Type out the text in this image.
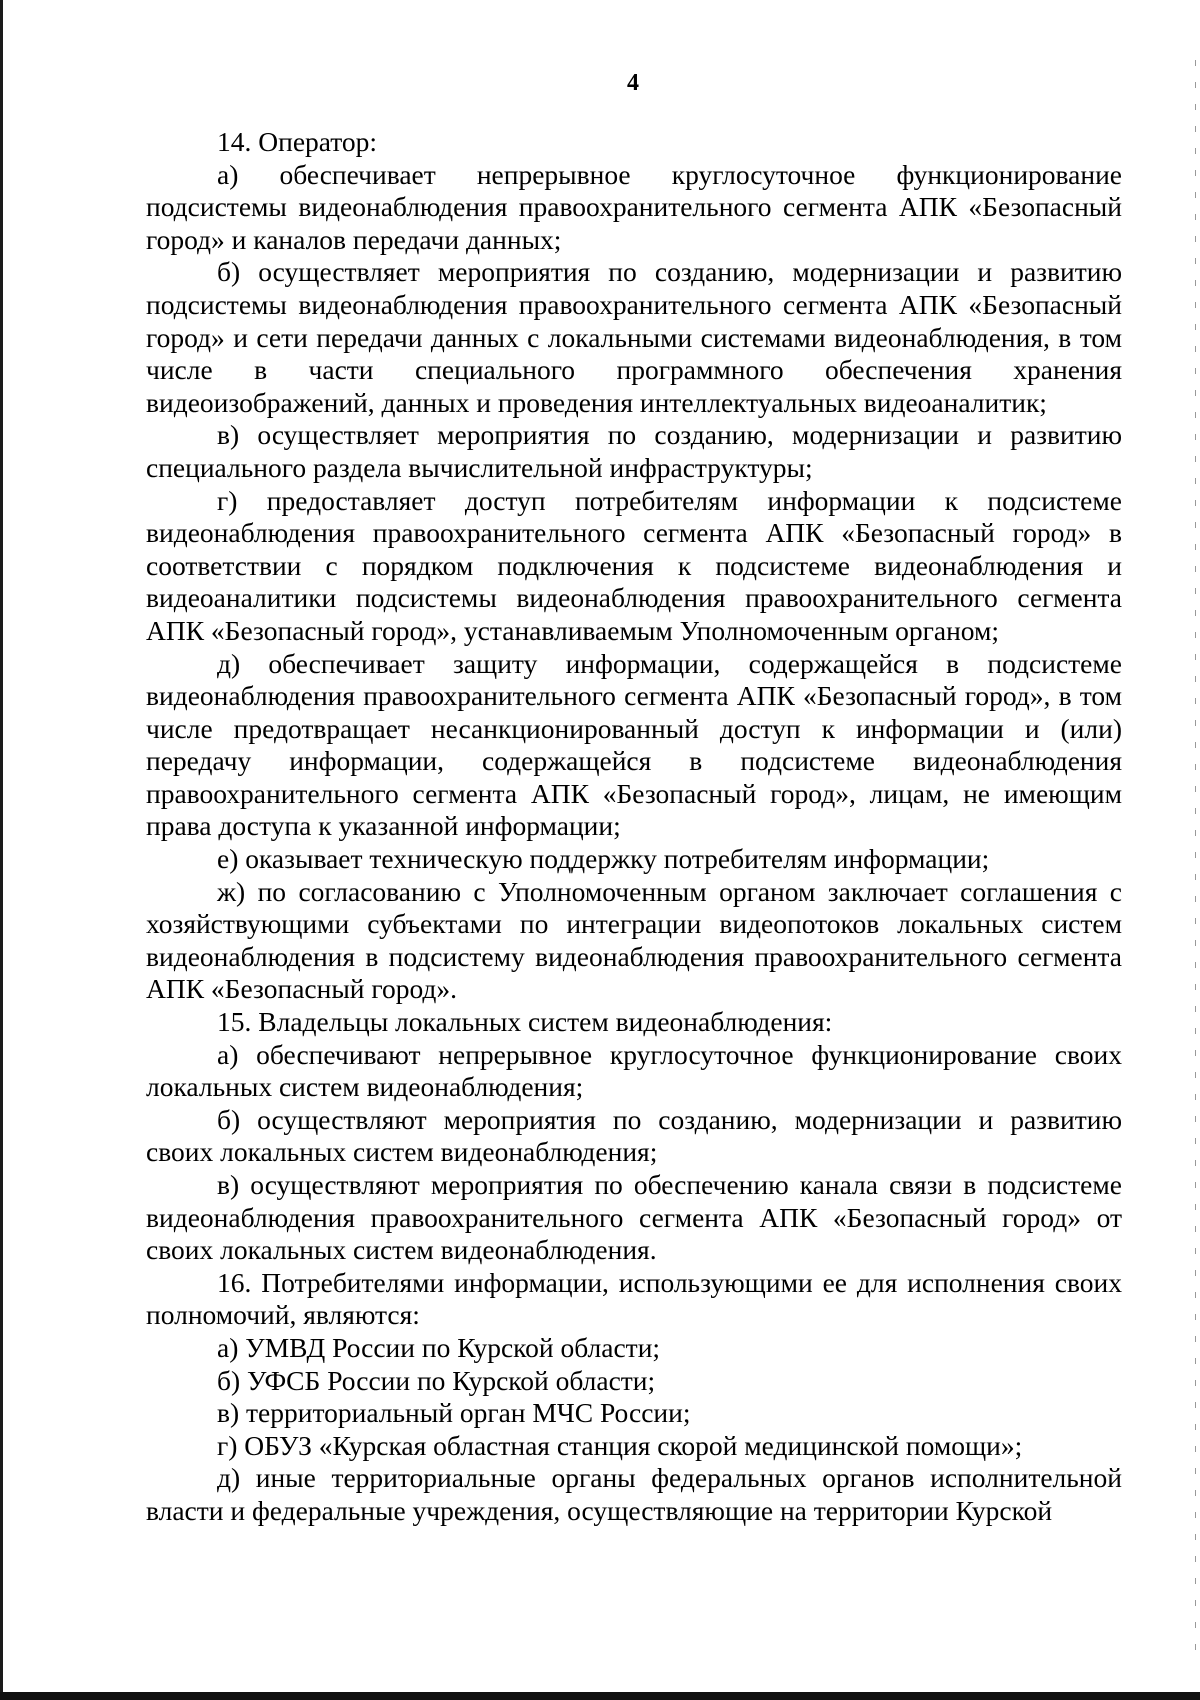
4

14. Оператор:

а) обеспечивает непрерывное круглосуточное функционирование подсистемы видеонаблюдения правоохранительного сегмента АПК «Безопасный город» и каналов передачи данных;

б) осуществляет мероприятия по созданию, модернизации и развитию подсистемы видеонаблюдения правоохранительного сегмента АПК «Безопасный город» и сети передачи данных с локальными системами видеонаблюдения, в том числе в части специального программного обеспечения хранения видеоизображений, данных и проведения интеллектуальных видеоаналитик;

в) осуществляет мероприятия по созданию, модернизации и развитию специального раздела вычислительной инфраструктуры;

г) предоставляет доступ потребителям информации к подсистеме видеонаблюдения правоохранительного сегмента АПК «Безопасный город» в соответствии с порядком подключения к подсистеме видеонаблюдения и видеоаналитики подсистемы видеонаблюдения правоохранительного сегмента АПК «Безопасный город», устанавливаемым Уполномоченным органом;

д) обеспечивает защиту информации, содержащейся в подсистеме видеонаблюдения правоохранительного сегмента АПК «Безопасный город», в том числе предотвращает несанкционированный доступ к информации и (или) передачу информации, содержащейся в подсистеме видеонаблюдения правоохранительного сегмента АПК «Безопасный город», лицам, не имеющим права доступа к указанной информации;

е) оказывает техническую поддержку потребителям информации;

ж) по согласованию с Уполномоченным органом заключает соглашения с хозяйствующими субъектами по интеграции видеопотоков локальных систем видеонаблюдения в подсистему видеонаблюдения правоохранительного сегмента АПК «Безопасный город».

15. Владельцы локальных систем видеонаблюдения:

а) обеспечивают непрерывное круглосуточное функционирование своих локальных систем видеонаблюдения;

б) осуществляют мероприятия по созданию, модернизации и развитию своих локальных систем видеонаблюдения;

в) осуществляют мероприятия по обеспечению канала связи в подсистеме видеонаблюдения правоохранительного сегмента АПК «Безопасный город» от своих локальных систем видеонаблюдения.

16. Потребителями информации, использующими ее для исполнения своих полномочий, являются:

а) УМВД России по Курской области;

б) УФСБ России по Курской области;

в) территориальный орган МЧС России;

г) ОБУЗ «Курская областная станция скорой медицинской помощи»;

д) иные территориальные органы федеральных органов исполнительной власти и федеральные учреждения, осуществляющие на территории Курской
